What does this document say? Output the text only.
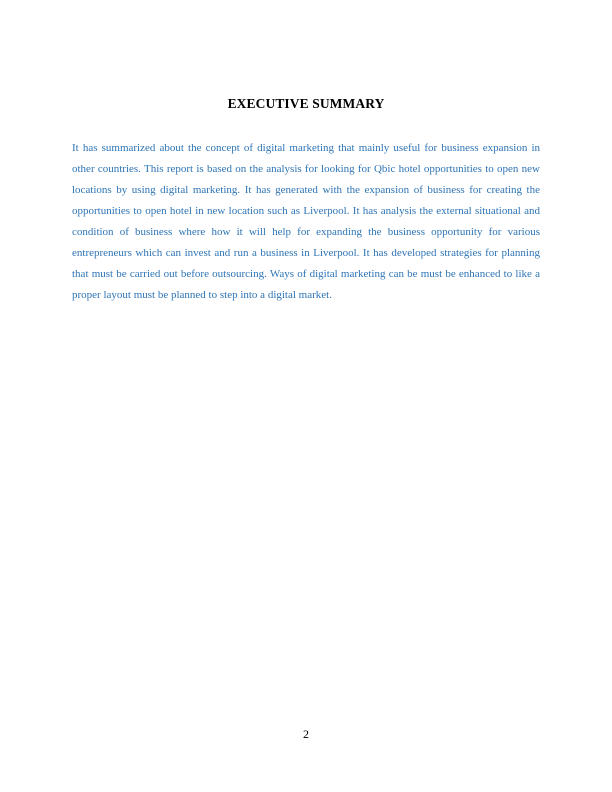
EXECUTIVE SUMMARY

It has summarized about the concept of digital marketing that mainly useful for business expansion in other countries. This report is based on the analysis for looking for Qbic hotel opportunities to open new locations by using digital marketing. It has generated with the expansion of business for creating the opportunities to open hotel in new location such as Liverpool. It has analysis the external situational and condition of business where how it will help for expanding the business opportunity for various entrepreneurs which can invest and run a business in Liverpool. It has developed strategies for planning that must be carried out before outsourcing. Ways of digital marketing can be must be enhanced to like a proper layout must be planned to step into a digital market.

2
